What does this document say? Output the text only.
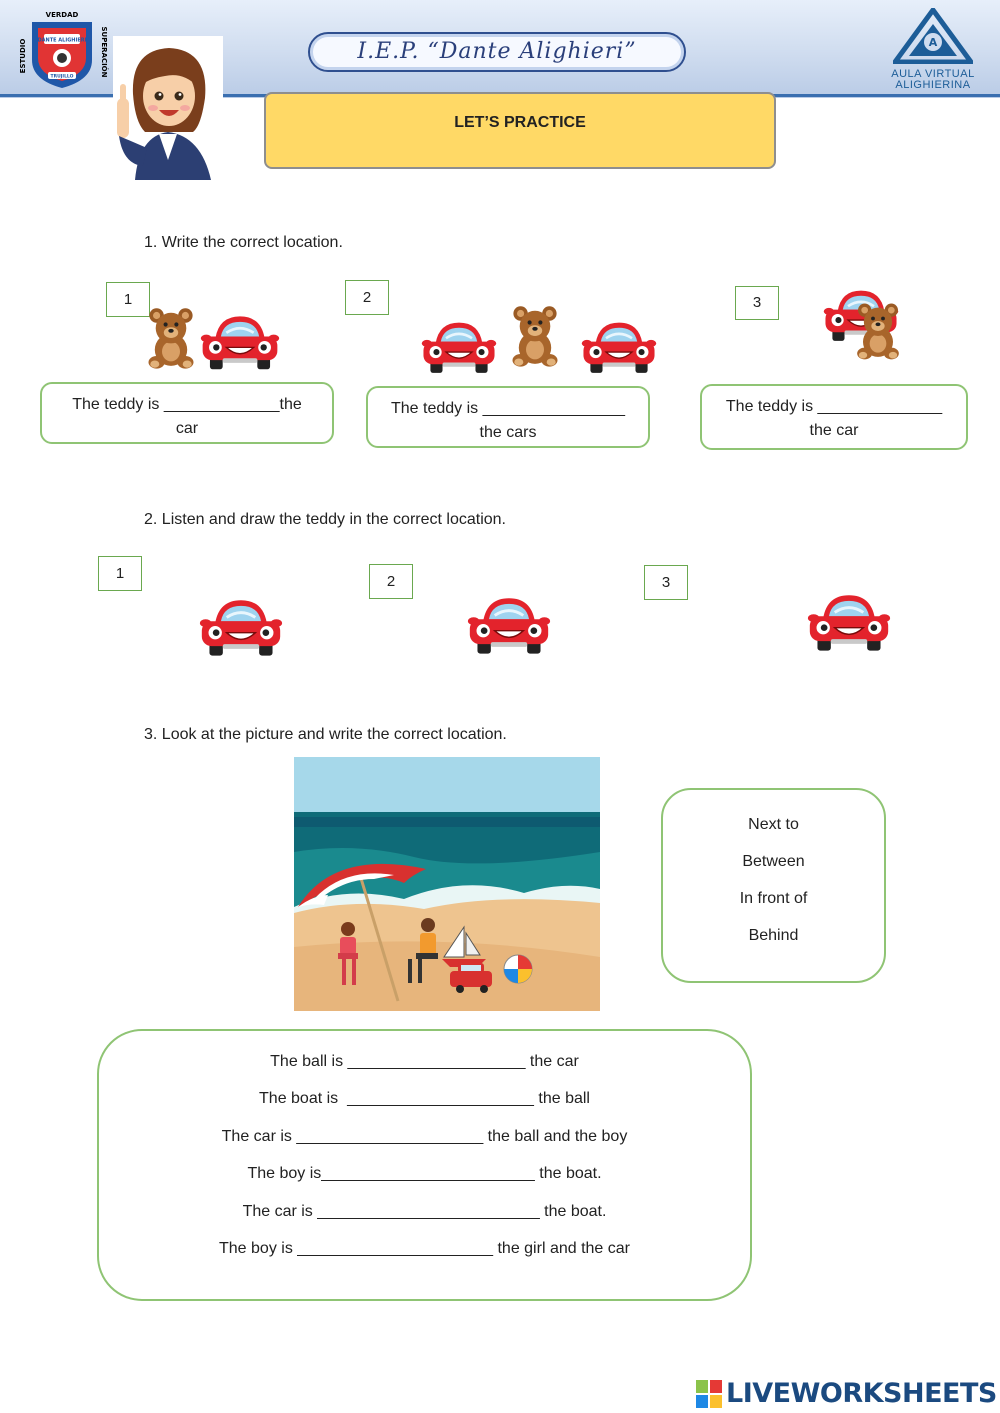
VERDAD
ESTUDIO	SUPERACIÓN
DANTE ALIGHIERI
TRUJILLO
I.E.P. “Dante Alighieri”	A
AULA VIRTUAL
ALIGHIERINA
LET’S PRACTICE
1. Write the correct location.
1
The teddy is _____________the
car
2
The teddy is ________________
the cars
3
The teddy is ______________
the car
2. Listen and draw the teddy in the correct location.
1	2	3
3. Look at the picture and write the correct location.
Next to
Between
In front of
Behind
The ball is ____________________ the car
The boat is  _____________________ the ball
The car is _____________________ the ball and the boy
The boy is________________________ the boat.
The car is _________________________ the boat.
The boy is ______________________ the girl and the car
LIVEWORKSHEETS
